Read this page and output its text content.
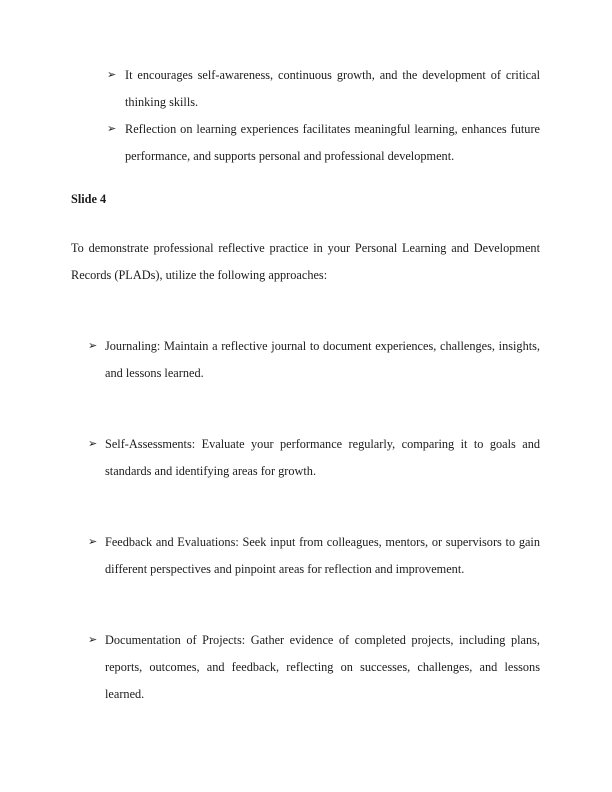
➢ It encourages self-awareness, continuous growth, and the development of critical thinking skills.
➢ Reflection on learning experiences facilitates meaningful learning, enhances future performance, and supports personal and professional development.
Slide 4

To demonstrate professional reflective practice in your Personal Learning and Development Records (PLADs), utilize the following approaches:

➢ Journaling: Maintain a reflective journal to document experiences, challenges, insights, and lessons learned.
➢ Self-Assessments: Evaluate your performance regularly, comparing it to goals and standards and identifying areas for growth.
➢ Feedback and Evaluations: Seek input from colleagues, mentors, or supervisors to gain different perspectives and pinpoint areas for reflection and improvement.
➢ Documentation of Projects: Gather evidence of completed projects, including plans, reports, outcomes, and feedback, reflecting on successes, challenges, and lessons learned.
